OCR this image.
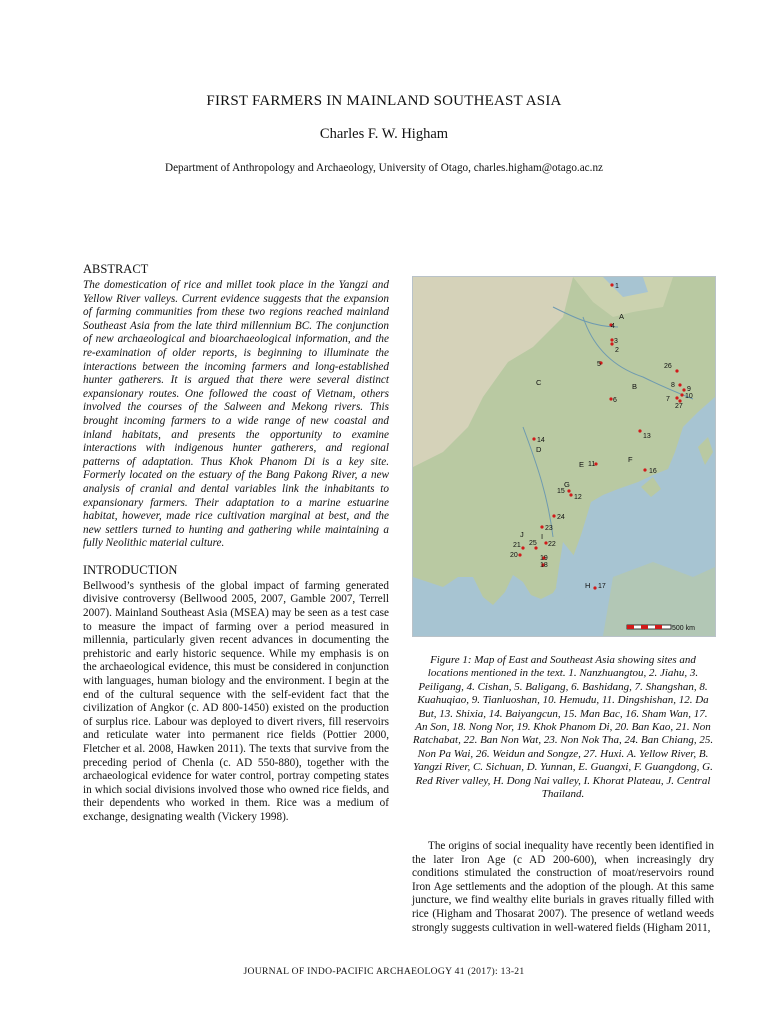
FIRST FARMERS IN MAINLAND SOUTHEAST ASIA
Charles F. W. Higham
Department of Anthropology and Archaeology, University of Otago, charles.higham@otago.ac.nz
ABSTRACT

The domestication of rice and millet took place in the Yangzi and Yellow River valleys. Current evidence suggests that the expansion of farming communities from these two regions reached mainland Southeast Asia from the late third millennium BC. The conjunction of new archaeological and bioarchaeological information, and the re-examination of older reports, is beginning to illuminate the interactions between the incoming farmers and long-established hunter gatherers. It is argued that there were several distinct expansionary routes. One followed the coast of Vietnam, others involved the courses of the Salween and Mekong rivers. This brought incoming farmers to a wide range of new coastal and inland habitats, and presents the opportunity to examine interactions with indigenous hunter gatherers, and regional patterns of adaptation. Thus Khok Phanom Di is a key site. Formerly located on the estuary of the Bang Pakong River, a new analysis of cranial and dental variables link the inhabitants to expansionary farmers. Their adaptation to a marine estuarine habitat, however, made rice cultivation marginal at best, and the new settlers turned to hunting and gathering while maintaining a fully Neolithic material culture.

INTRODUCTION

Bellwood’s synthesis of the global impact of farming generated divisive controversy (Bellwood 2005, 2007, Gamble 2007, Terrell 2007). Mainland Southeast Asia (MSEA) may be seen as a test case to measure the impact of farming over a period measured in millennia, particularly given recent advances in documenting the prehistoric and early historic sequence. While my emphasis is on the archaeological evidence, this must be considered in conjunction with languages, human biology and the environment. I begin at the end of the cultural sequence with the self-evident fact that the civilization of Angkor (c. AD 800-1450) existed on the production of surplus rice. Labour was deployed to divert rivers, fill reservoirs and reticulate water into permanent rice fields (Pottier 2000, Fletcher et al. 2008, Hawken 2011). The texts that survive from the preceding period of Chenla (c. AD 550-880), together with the archaeological evidence for water control, portray competing states in which social divisions involved those who owned rice fields, and their dependents who worked in them. Rice was a medium of exchange, designating wealth (Vickery 1998).

1
2
3
4
5
6	7
8
9
10
11
12
13
14
15
16
17
18
19
20
21	22
23
24
25
26
27
A
B
C
D
E
F
G
H
I
J
500 km

Figure 1: Map of East and Southeast Asia showing sites and locations mentioned in the text. 1. Nanzhuangtou, 2. Jiahu, 3. Peiligang, 4. Cishan, 5. Baligang, 6. Bashidang, 7. Shangshan, 8. Kuahuqiao, 9. Tianluoshan, 10. Hemudu, 11. Dingshishan, 12. Da But, 13. Shixia, 14. Baiyangcun, 15. Man Bac, 16. Sham Wan, 17. An Son, 18. Nong Nor, 19. Khok Phanom Di, 20. Ban Kao, 21. Non Ratchabat, 22. Ban Non Wat, 23. Non Nok Tha, 24. Ban Chiang, 25. Non Pa Wai, 26. Weidun and Songze, 27. Huxi. A. Yellow River, B. Yangzi River, C. Sichuan, D. Yunnan, E. Guangxi, F. Guangdong, G. Red River valley, H. Dong Nai valley, I. Khorat Plateau, J. Central Thailand.

The origins of social inequality have recently been identified in the later Iron Age (c AD 200-600), when increasingly dry conditions stimulated the construction of moat/reservoirs round Iron Age settlements and the adoption of the plough. At this same juncture, we find wealthy elite burials in graves ritually filled with rice (Higham and Thosarat 2007). The presence of wetland weeds strongly suggests cultivation in well-watered fields (Higham 2011,

JOURNAL OF INDO-PACIFIC ARCHAEOLOGY 41 (2017): 13-21
